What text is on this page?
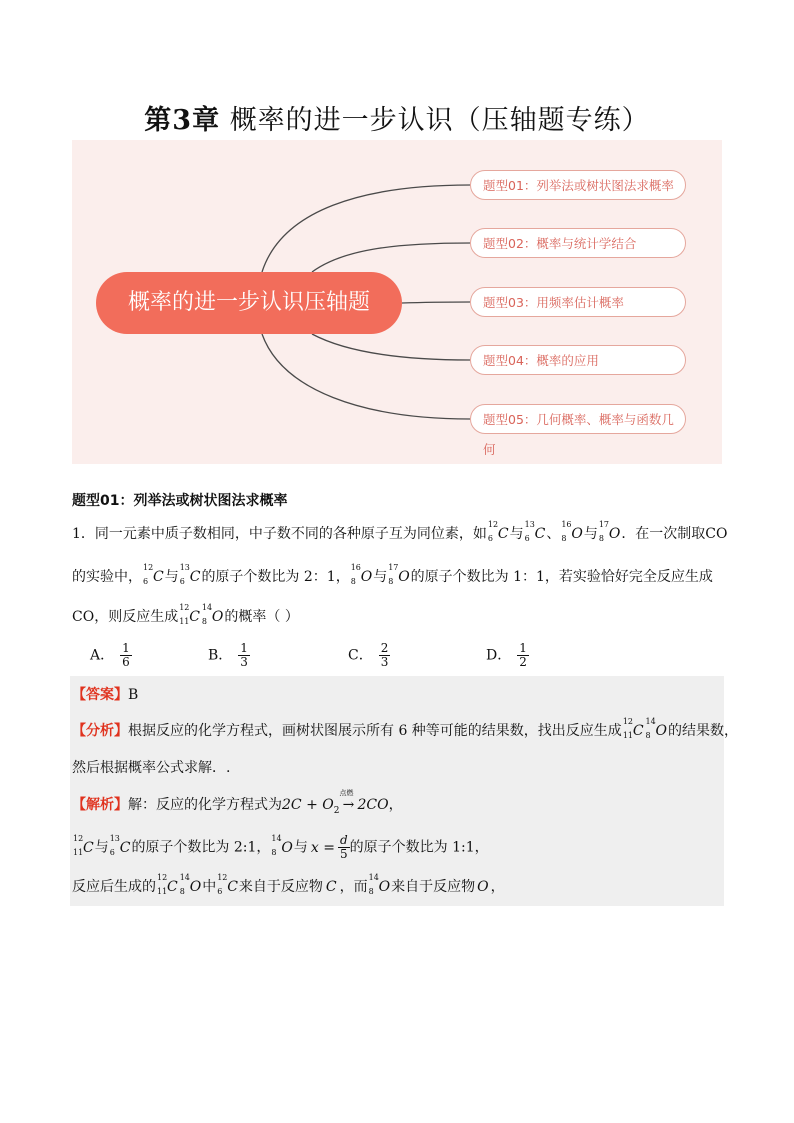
第3章 概率的进一步认识（压轴题专练）
概率的进一步认识压轴题
题型01：列举法或树状图法求概率
题型02：概率与统计学结合
题型03：用频率估计概率
题型04：概率的应用
题型05：几何概率、概率与函数几何
题型01：列举法或树状图法求概率
1．同一元素中质子数相同，中子数不同的各种原子互为同位素，如
12
6 C与
13
6 C、
16
8 O与
17
8 O．在一次制取CO
的实验中，
12
6 C与
13
6 C的原子个数比为 2：1，
16
8 O与
17
8 O的原子个数比为 1：1，若实验恰好完全反应生成
CO，则反应生成
12
11 C
14
8 O的概率（ ）
A． $\frac{1}{6}$	B． $\frac{1}{3}$	C． $\frac{2}{3}$	D． $\frac{1}{2}$
【答案】B
【分析】根据反应的化学方程式，画树状图展示所有 6 种等可能的结果数，找出反应生成
12
11 C
14
8 O的结果数，
然后根据概率公式求解．.
【解析】解：反应的化学方程式为$2C + O_2$
点燃
→ 2CO，
12
11 C与
13
6 C的原子个数比为 2:1，
14
8 O与 $x = \frac{d}{5}$ 的原子个数比为 1:1，
反应后生成的
12
11 C
14
8 O中
12
6 C来自于反应物 C ，而
14
8 O来自于反应物 O ，
